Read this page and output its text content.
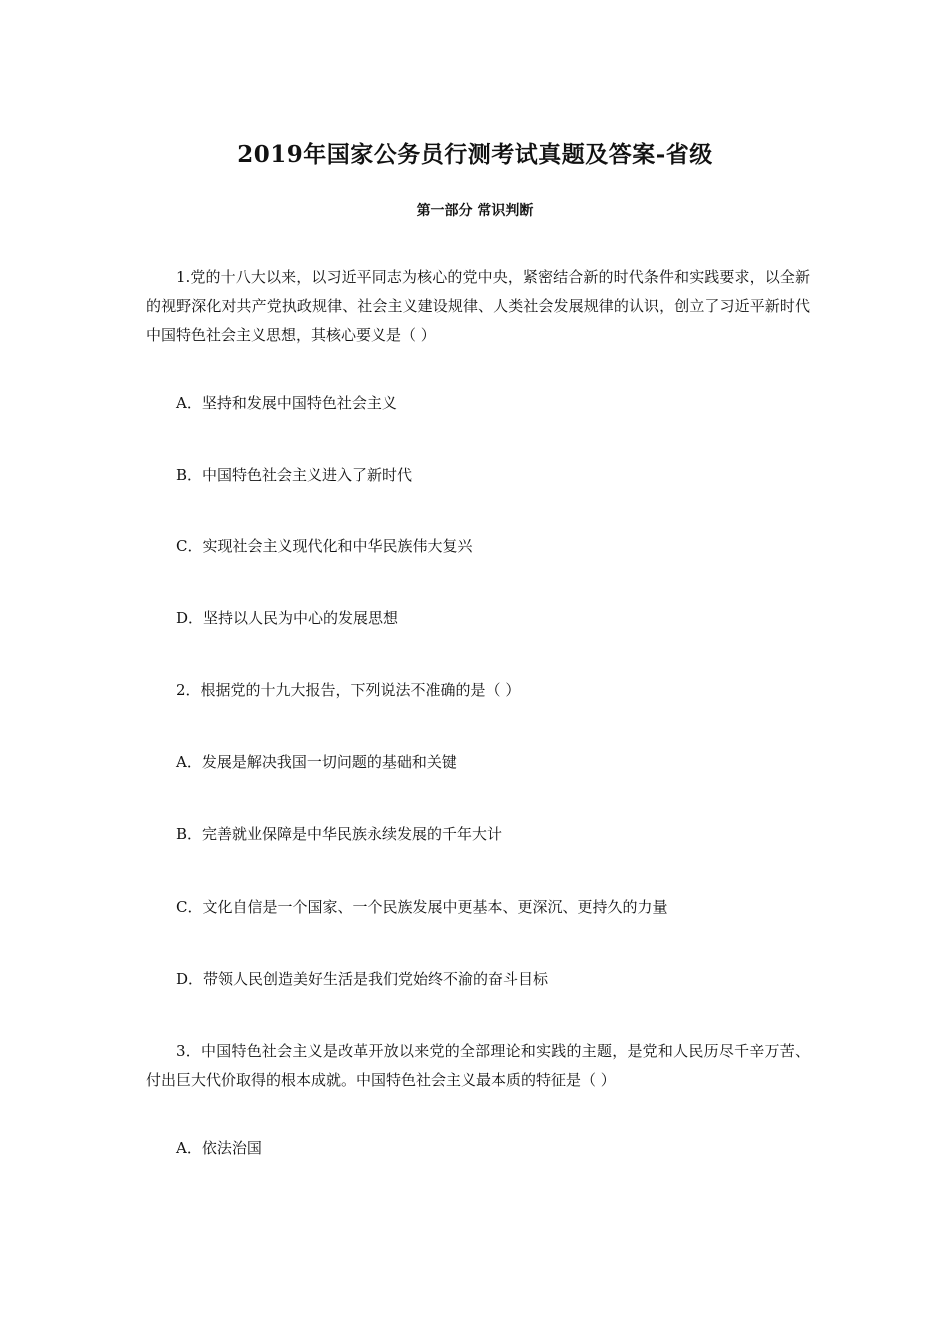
2019年国家公务员行测考试真题及答案-省级
第一部分 常识判断
1.党的十八大以来，以习近平同志为核心的党中央，紧密结合新的时代条件和实践要求，以全新的视野深化对共产党执政规律、社会主义建设规律、人类社会发展规律的认识，创立了习近平新时代中国特色社会主义思想，其核心要义是（ ）
A．坚持和发展中国特色社会主义
B．中国特色社会主义进入了新时代
C．实现社会主义现代化和中华民族伟大复兴
D．坚持以人民为中心的发展思想
2．根据党的十九大报告，下列说法不准确的是（ ）
A．发展是解决我国一切问题的基础和关键
B．完善就业保障是中华民族永续发展的千年大计
C．文化自信是一个国家、一个民族发展中更基本、更深沉、更持久的力量
D．带领人民创造美好生活是我们党始终不渝的奋斗目标
3．中国特色社会主义是改革开放以来党的全部理论和实践的主题，是党和人民历尽千辛万苦、付出巨大代价取得的根本成就。中国特色社会主义最本质的特征是（ ）
A．依法治国
